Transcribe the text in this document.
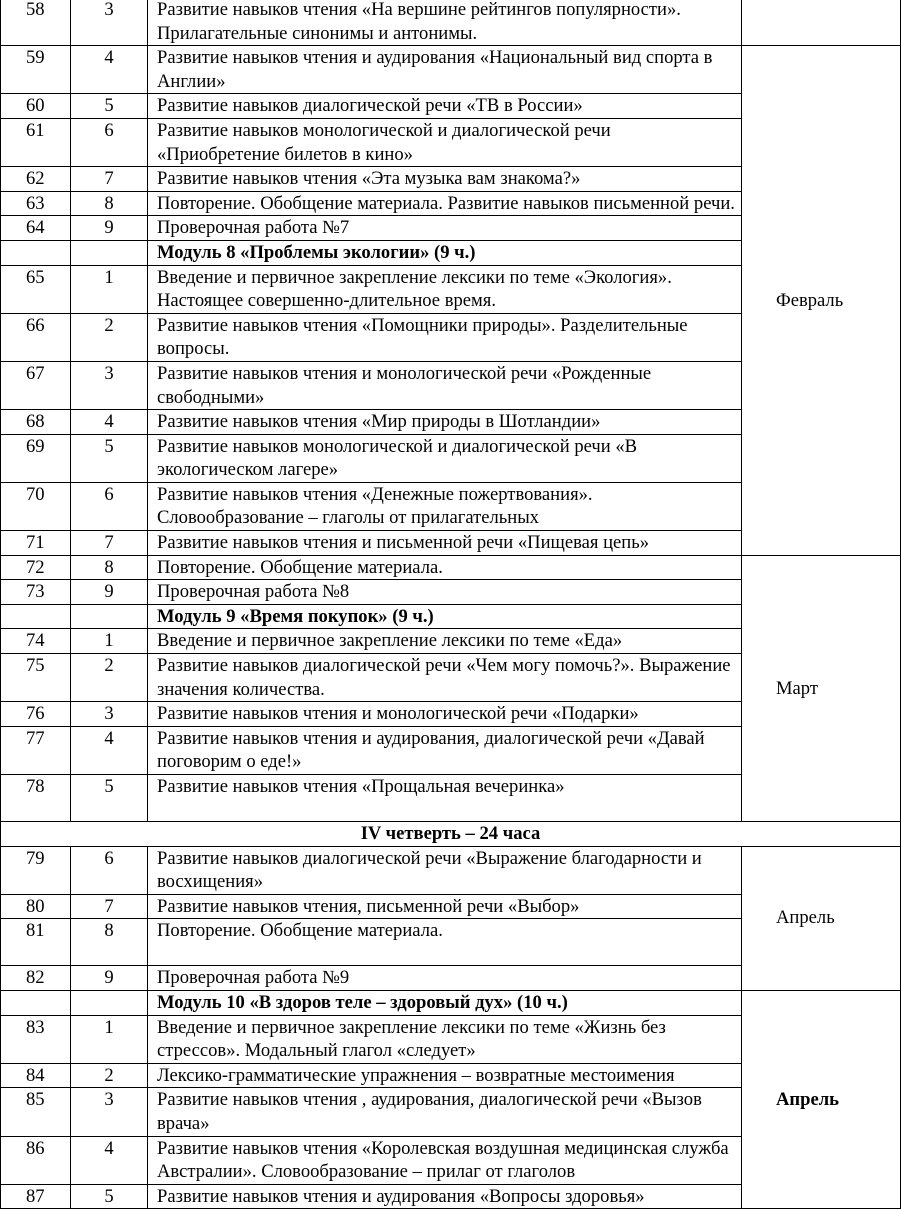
58	3	Развитие навыков чтения «На вершине рейтингов популярности». Прилагательные синонимы и антонимы.	
59	4	Развитие навыков чтения и аудирования «Национальный вид спорта в Англии»	Февраль
60	5	Развитие навыков диалогической речи «ТВ в России»	
61	6	Развитие навыков монологической и диалогической речи «Приобретение билетов в кино»	
62	7	Развитие навыков чтения «Эта музыка вам знакома?»	
63	8	Повторение. Обобщение материала. Развитие навыков письменной речи.	
64	9	Проверочная работа №7	
		Модуль 8 «Проблемы экологии» (9 ч.)	
65	1	Введение и первичное закрепление лексики по теме «Экология». Настоящее совершенно-длительное время.	
66	2	Развитие навыков чтения «Помощники природы». Разделительные вопросы.	
67	3	Развитие навыков чтения и монологической речи «Рожденные свободными»	
68	4	Развитие навыков чтения «Мир природы в Шотландии»	
69	5	Развитие навыков монологической и диалогической речи «В экологическом лагере»	
70	6	Развитие навыков чтения «Денежные пожертвования». Словообразование – глаголы от прилагательных	
71	7	Развитие навыков чтения и письменной речи «Пищевая цепь»	
72	8	Повторение. Обобщение материала.	Март
73	9	Проверочная работа №8	
		Модуль 9 «Время покупок» (9 ч.)	
74	1	Введение и первичное закрепление лексики по теме «Еда»	
75	2	Развитие навыков диалогической речи «Чем могу помочь?». Выражение значения количества.	
76	3	Развитие навыков чтения и монологической речи «Подарки»	
77	4	Развитие навыков чтения и аудирования, диалогической речи «Давай поговорим о еде!»	
78	5	Развитие навыков чтения «Прощальная вечеринка»	
IV четверть – 24 часа			
79	6	Развитие навыков диалогической речи «Выражение благодарности и восхищения»	Апрель
80	7	Развитие навыков чтения, письменной речи «Выбор»	
81	8	Повторение. Обобщение материала.	
82	9	Проверочная работа №9	
		Модуль 10 «В здоров теле – здоровый дух» (10 ч.)	Апрель
83	1	Введение и первичное закрепление лексики по теме «Жизнь без стрессов». Модальный глагол «следует»	
84	2	Лексико-грамматические упражнения – возвратные местоимения	
85	3	Развитие навыков чтения , аудирования, диалогической речи «Вызов врача»	
86	4	Развитие навыков чтения «Королевская воздушная медицинская служба Австралии». Словообразование – прилаг от глаголов	
87	5	Развитие навыков чтения и аудирования «Вопросы здоровья»	
